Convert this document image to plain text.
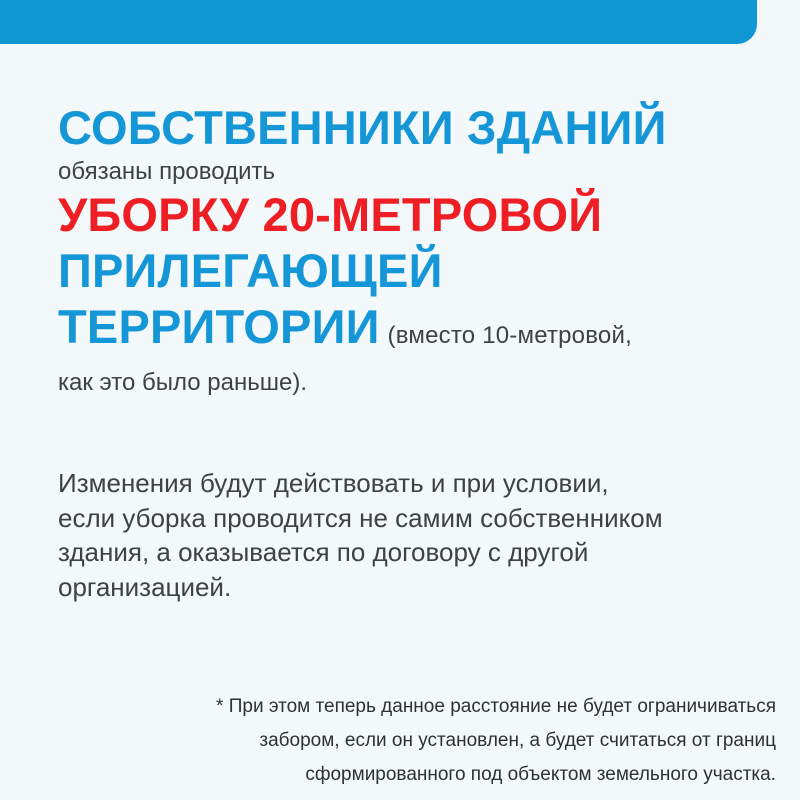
СОБСТВЕННИКИ ЗДАНИЙ
обязаны проводить
УБОРКУ 20-МЕТРОВОЙ
ПРИЛЕГАЮЩЕЙ
ТЕРРИТОРИИ (вместо 10-метровой,
как это было раньше).

Изменения будут действовать и при условии,
если уборка проводится не самим собственником
здания, а оказывается по договору с другой
организацией.

* При этом теперь данное расстояние не будет ограничиваться
забором, если он установлен, а будет считаться от границ
сформированного под объектом земельного участка.
